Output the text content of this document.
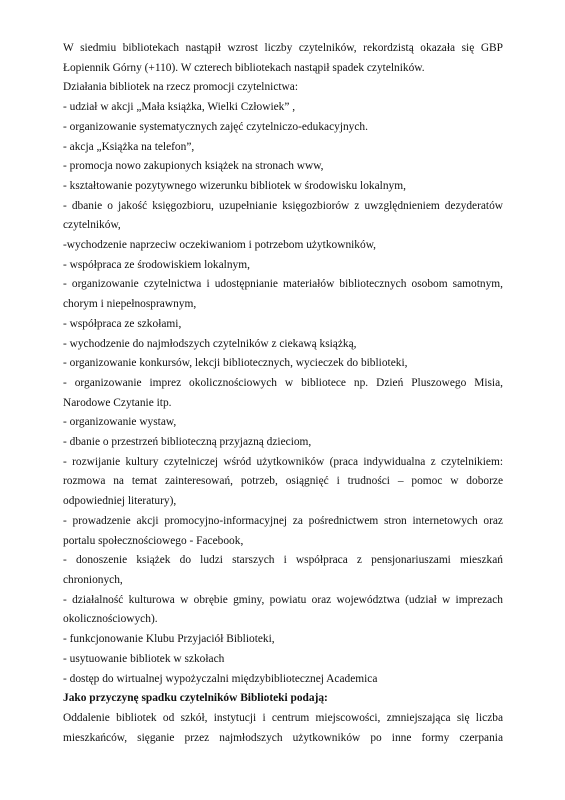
W siedmiu bibliotekach nastąpił wzrost liczby czytelników, rekordzistą okazała się GBP

Łopiennik Górny (+110). W czterech bibliotekach nastąpił spadek czytelników.

Działania bibliotek na rzecz promocji czytelnictwa:

- udział w akcji „Mała książka, Wielki Człowiek” ,

- organizowanie systematycznych zajęć czytelniczo-edukacyjnych.

- akcja „Książka na telefon”,

- promocja nowo zakupionych książek na stronach www,

- kształtowanie pozytywnego wizerunku bibliotek w środowisku lokalnym,

- dbanie o jakość księgozbioru, uzupełnianie księgozbiorów z uwzględnieniem dezyderatów

czytelników,

-wychodzenie naprzeciw oczekiwaniom i potrzebom użytkowników,

- współpraca ze środowiskiem lokalnym,

- organizowanie czytelnictwa i udostępnianie materiałów bibliotecznych osobom samotnym,

chorym i niepełnosprawnym,

- współpraca ze szkołami,

- wychodzenie do najmłodszych czytelników z ciekawą książką,

- organizowanie konkursów, lekcji bibliotecznych, wycieczek do biblioteki,

- organizowanie imprez okolicznościowych w bibliotece np. Dzień Pluszowego Misia,

Narodowe Czytanie itp.

- organizowanie wystaw,

- dbanie o przestrzeń biblioteczną przyjazną dzieciom,

- rozwijanie kultury czytelniczej wśród użytkowników (praca indywidualna z czytelnikiem:

rozmowa na temat zainteresowań, potrzeb, osiągnięć i trudności – pomoc w doborze

odpowiedniej literatury),

- prowadzenie akcji promocyjno-informacyjnej za pośrednictwem stron internetowych oraz

portalu społecznościowego - Facebook,

- donoszenie książek do ludzi starszych i współpraca z pensjonariuszami mieszkań

chronionych,

- działalność kulturowa w obrębie gminy, powiatu oraz województwa (udział w imprezach

okolicznościowych).

- funkcjonowanie Klubu Przyjaciół Biblioteki,

- usytuowanie bibliotek w szkołach

- dostęp do wirtualnej wypożyczalni międzybibliotecznej Academica

Jako przyczynę spadku czytelników Biblioteki podają:

Oddalenie bibliotek od szkół, instytucji i centrum miejscowości, zmniejszająca się liczba

mieszkańców, sięganie przez najmłodszych użytkowników po inne formy czerpania
